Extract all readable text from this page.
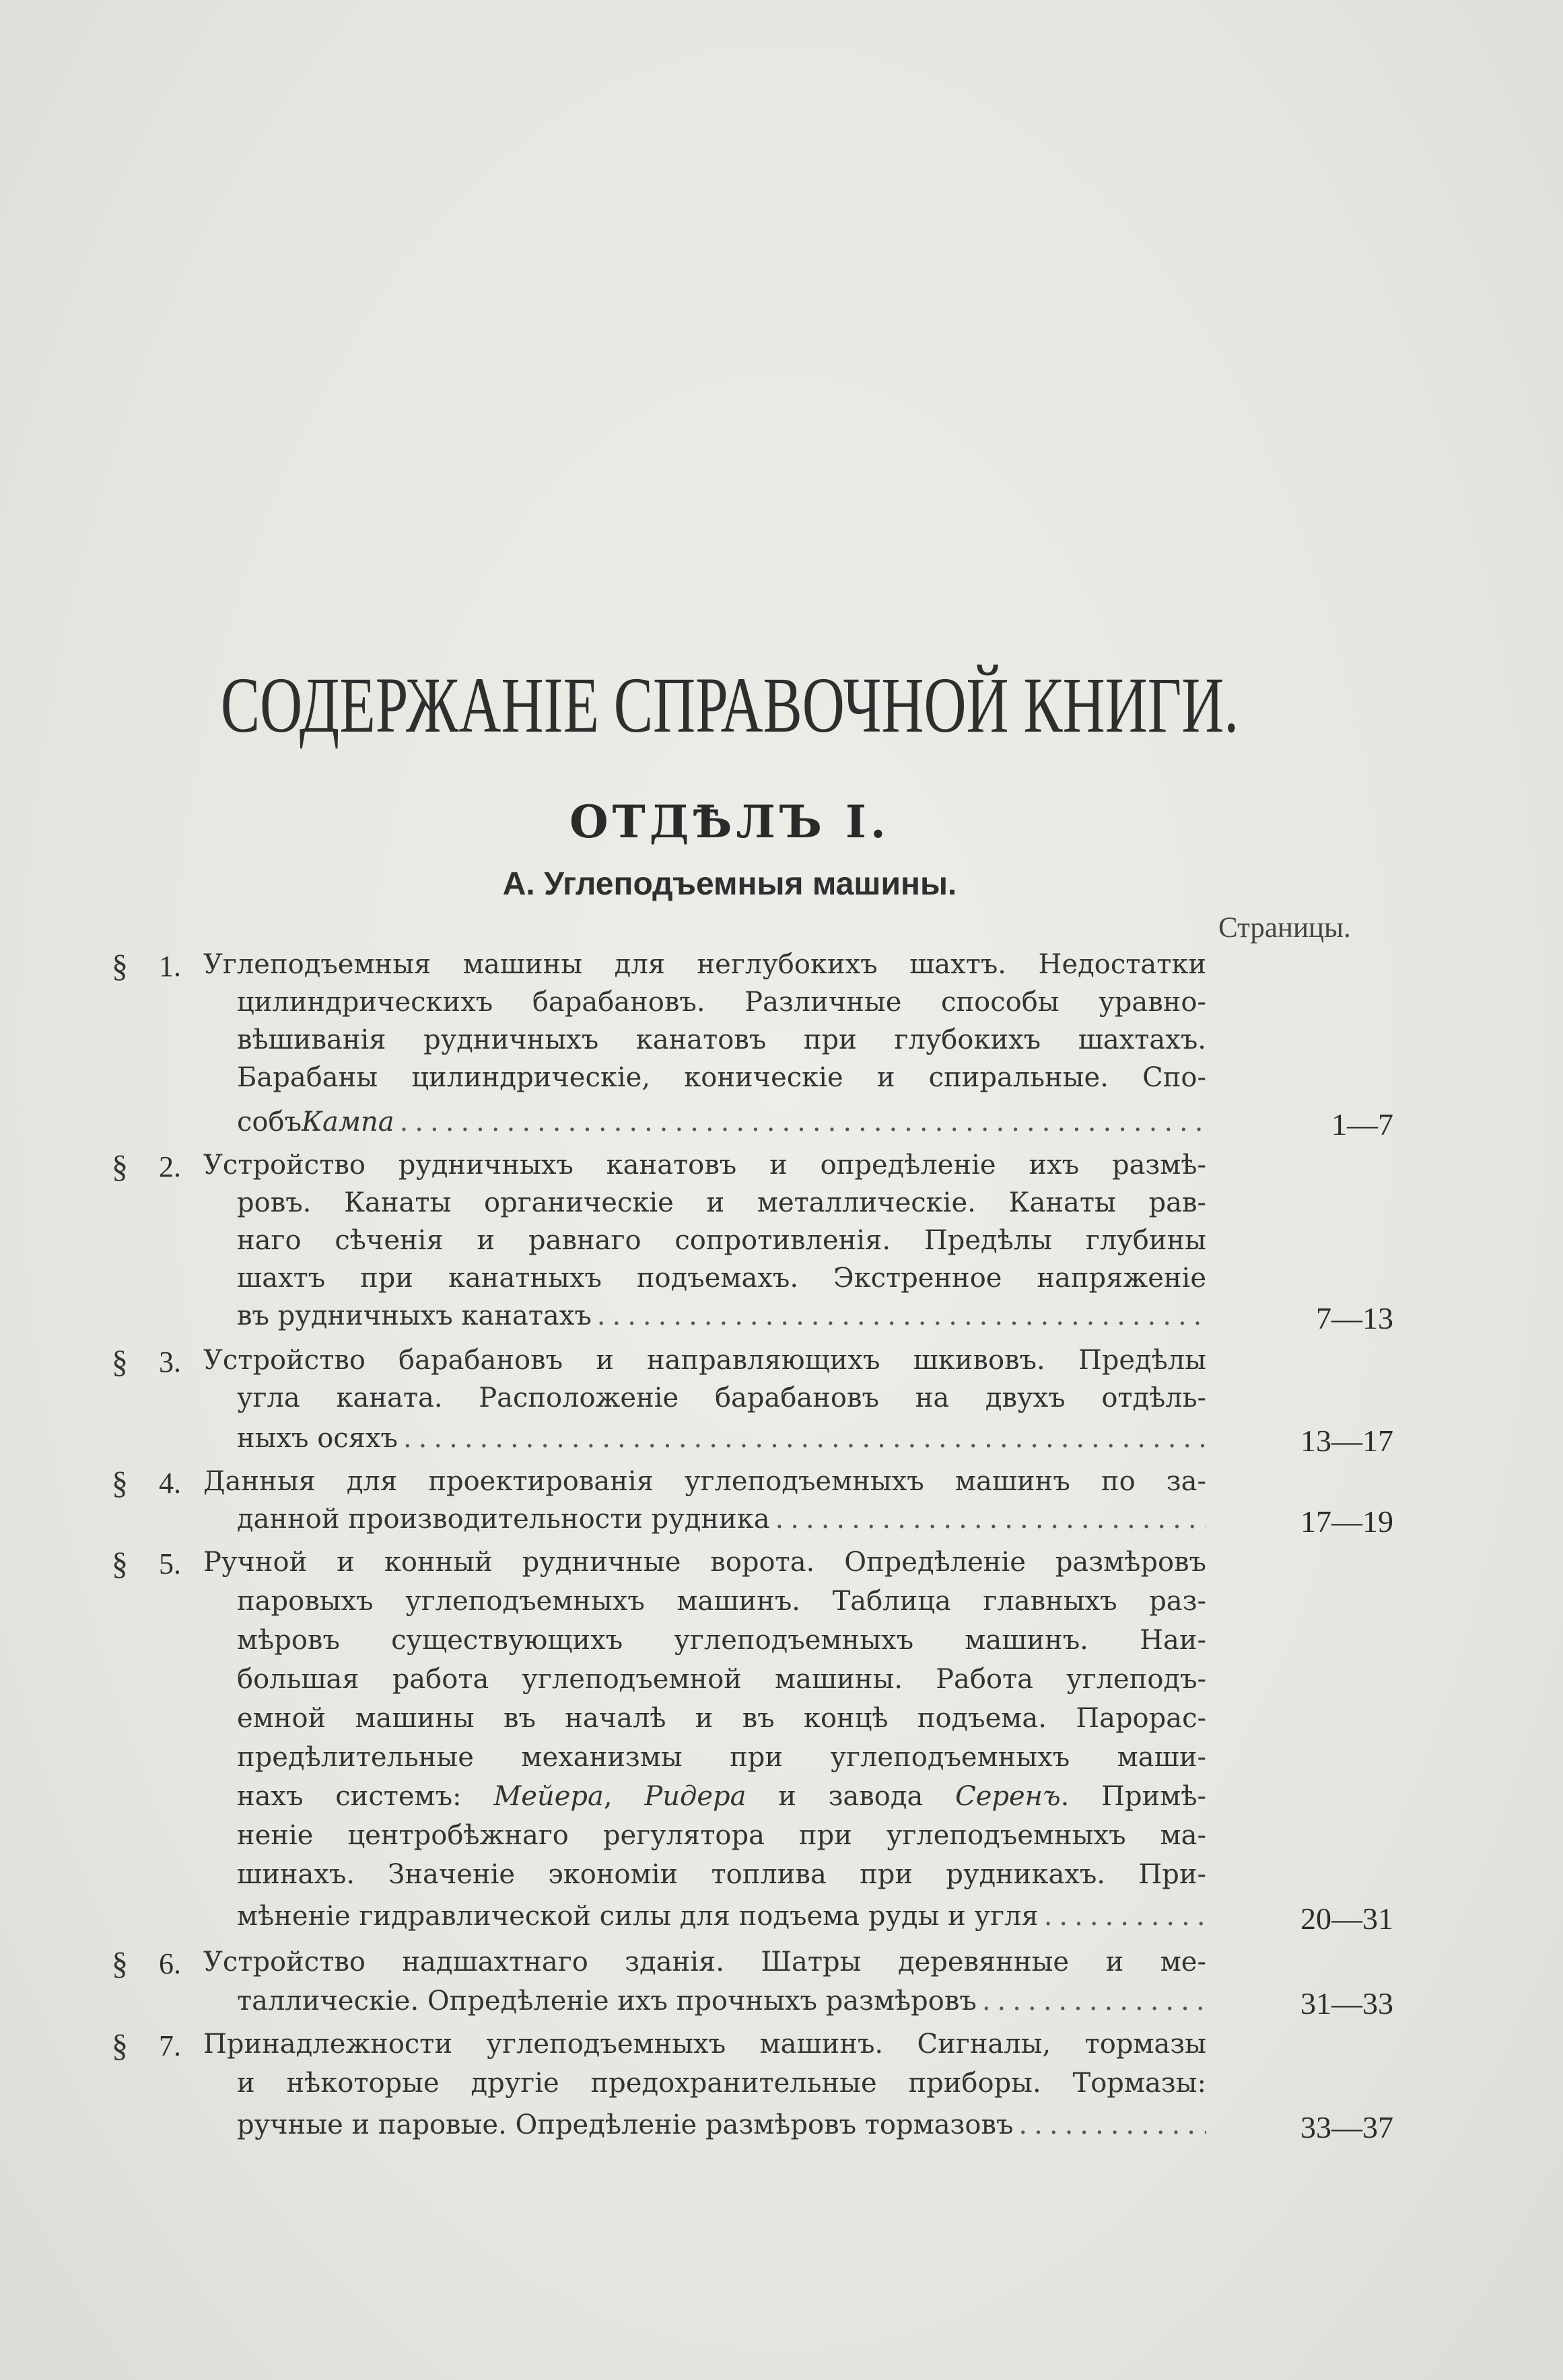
СОДЕРЖАНІЕ СПРАВОЧНОЙ КНИГИ.
ОТДѢЛЪ I.
А. Углеподъемныя машины.
Страницы.
§ 1. Углеподъемныя машины для неглубокихъ шахтъ. Недостатки
цилиндрическихъ барабановъ. Различные способы уравно-
вѣшиванія рудничныхъ канатовъ при глубокихъ шахтахъ.
Барабаны цилиндрическіе, коническіе и спиральные. Спо-
собъ Кампа .....	1—7
§ 2. Устройство рудничныхъ канатовъ и опредѣленіе ихъ размѣ-
ровъ. Канаты органическіе и металлическіе. Канаты рав-
наго сѣченія и равнаго сопротивленія. Предѣлы глубины
шахтъ при канатныхъ подъемахъ. Экстренное напряженіе
въ рудничныхъ канатахъ .....	7—13
§ 3. Устройство барабановъ и направляющихъ шкивовъ. Предѣлы
угла каната. Расположеніе барабановъ на двухъ отдѣль-
ныхъ осяхъ .....	13—17
§ 4. Данныя для проектированія углеподъемныхъ машинъ по за-
данной производительности рудника .....	17—19
§ 5. Ручной и конный рудничные ворота. Опредѣленіе размѣровъ
паровыхъ углеподъемныхъ машинъ. Таблица главныхъ раз-
мѣровъ существующихъ углеподъемныхъ машинъ. Наи-
большая работа углеподъемной машины. Работа углеподъ-
емной машины въ началѣ и въ концѣ подъема. Парорас-
предѣлительные механизмы при углеподъемныхъ маши-
нахъ системъ: Мейера, Ридера и завода Серенъ. Примѣ-
неніе центробѣжнаго регулятора при углеподъемныхъ ма-
шинахъ. Значеніе экономіи топлива при рудникахъ. При-
мѣненіе гидравлической силы для подъема руды и угля .....	20—31
§ 6. Устройство надшахтнаго зданія. Шатры деревянные и ме-
таллическіе. Опредѣленіе ихъ прочныхъ размѣровъ .....	31—33
§ 7. Принадлежности углеподъемныхъ машинъ. Сигналы, тормазы
и нѣкоторые другіе предохранительные приборы. Тормазы:
ручные и паровые. Опредѣленіе размѣровъ тормазовъ .....	33—37
